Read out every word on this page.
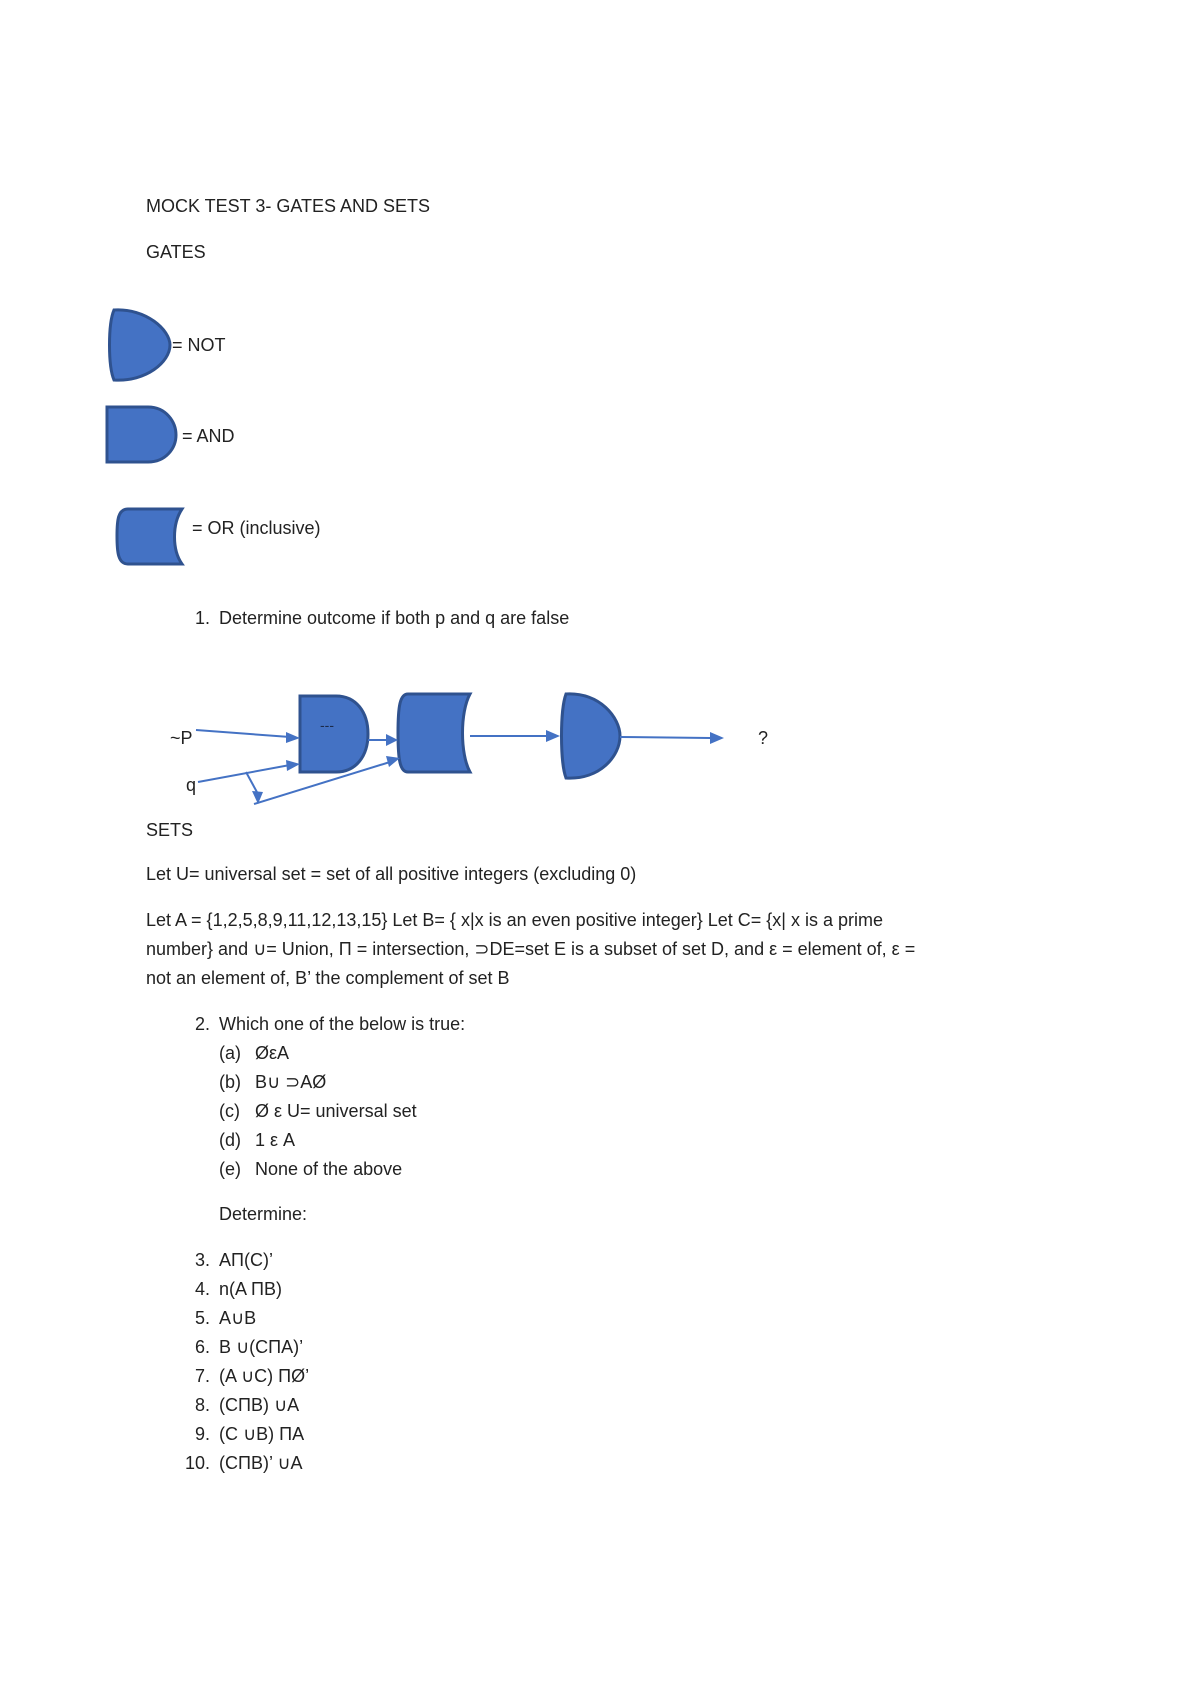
MOCK TEST 3- GATES AND SETS
GATES
= NOT
= AND
= OR (inclusive)
1. Determine outcome if both p and q are false
~P
q
---
?
SETS
Let U= universal set = set of all positive integers (excluding 0)
Let A = {1,2,5,8,9,11,12,13,15} Let B= { x|x is an even positive integer} Let C= {x| x is a prime
number} and ∪= Union, Π = intersection, ⊃DE=set E is a subset of set D, and ε = element of, ε =
not an element of, B’ the complement of set B
2. Which one of the below is true:
(a) ØεA
(b) B∪ ⊃AØ
(c) Ø ε U= universal set
(d) 1 ε A
(e) None of the above
Determine:
3. AΠ(C)’
4. n(A ΠB)
5. A∪B
6. B ∪(CΠA)’
7. (A ∪C) ΠØ’
8. (CΠB) ∪A
9. (C ∪B) ΠA
10. (CΠB)’ ∪A
